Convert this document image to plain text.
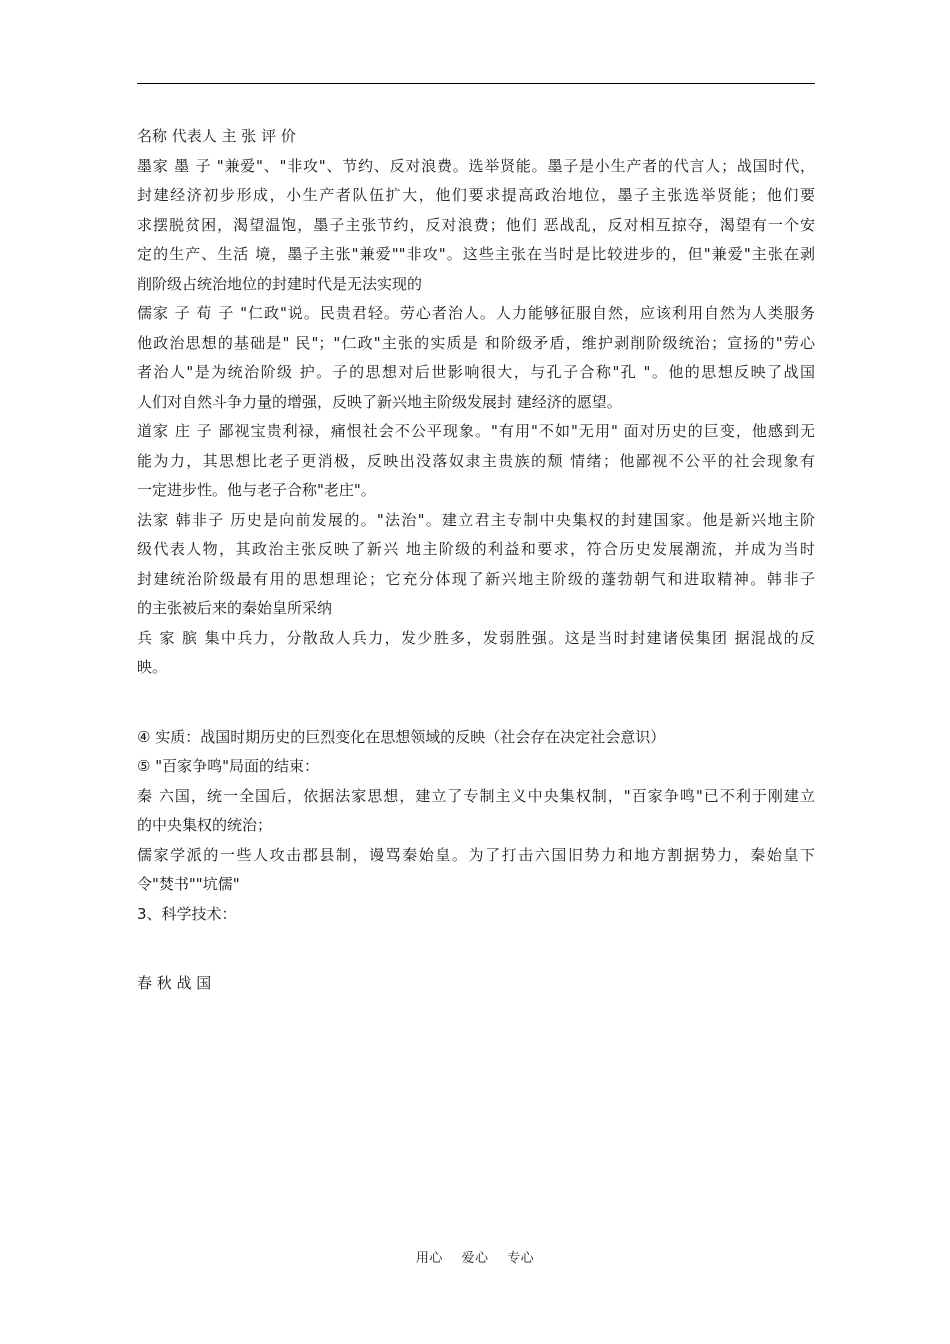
名称 代表人 主 张 评 价
墨家 墨 子 "兼爱"、"非攻"、节约、反对浪费。选举贤能。墨子是小生产者的代言人；战国时代，
封建经济初步形成，小生产者队伍扩大，他们要求提高政治地位，墨子主张选举贤能；他们要
求摆脱贫困，渴望温饱，墨子主张节约，反对浪费；他们 恶战乱，反对相互掠夺，渴望有一个安
定的生产、生活 境，墨子主张"兼爱""非攻"。这些主张在当时是比较进步的，但"兼爱"主张在剥
削阶级占统治地位的封建时代是无法实现的
儒家 子 荀 子 "仁政"说。民贵君轻。劳心者治人。人力能够征服自然，应该利用自然为人类服务
他政治思想的基础是" 民"；"仁政"主张的实质是 和阶级矛盾，维护剥削阶级统治；宣扬的"劳心
者治人"是为统治阶级 护。子的思想对后世影响很大，与孔子合称"孔 "。他的思想反映了战国
人们对自然斗争力量的增强，反映了新兴地主阶级发展封 建经济的愿望。
道家 庄 子 鄙视宝贵利禄，痛恨社会不公平现象。"有用"不如"无用" 面对历史的巨变，他感到无
能为力，其思想比老子更消极，反映出没落奴隶主贵族的颓 情绪；他鄙视不公平的社会现象有
一定进步性。他与老子合称"老庄"。
法家 韩非子 历史是向前发展的。"法治"。建立君主专制中央集权的封建国家。他是新兴地主阶
级代表人物，其政治主张反映了新兴 地主阶级的利益和要求，符合历史发展潮流，并成为当时
封建统治阶级最有用的思想理论；它充分体现了新兴地主阶级的蓬勃朝气和进取精神。韩非子
的主张被后来的秦始皇所采纳
兵 家 膑 集中兵力，分散敌人兵力，发少胜多，发弱胜强。这是当时封建诸侯集团 据混战的反
映。
④ 实质：战国时期历史的巨烈变化在思想领域的反映（社会存在决定社会意识）
⑤ "百家争鸣"局面的结束：
秦 六国，统一全国后，依据法家思想，建立了专制主义中央集权制，"百家争鸣"已不利于刚建立
的中央集权的统治；
儒家学派的一些人攻击郡县制，谩骂秦始皇。为了打击六国旧势力和地方割据势力，秦始皇下
令"焚书""坑儒"
3、科学技术：
春 秋 战 国
用心 爱心 专心
